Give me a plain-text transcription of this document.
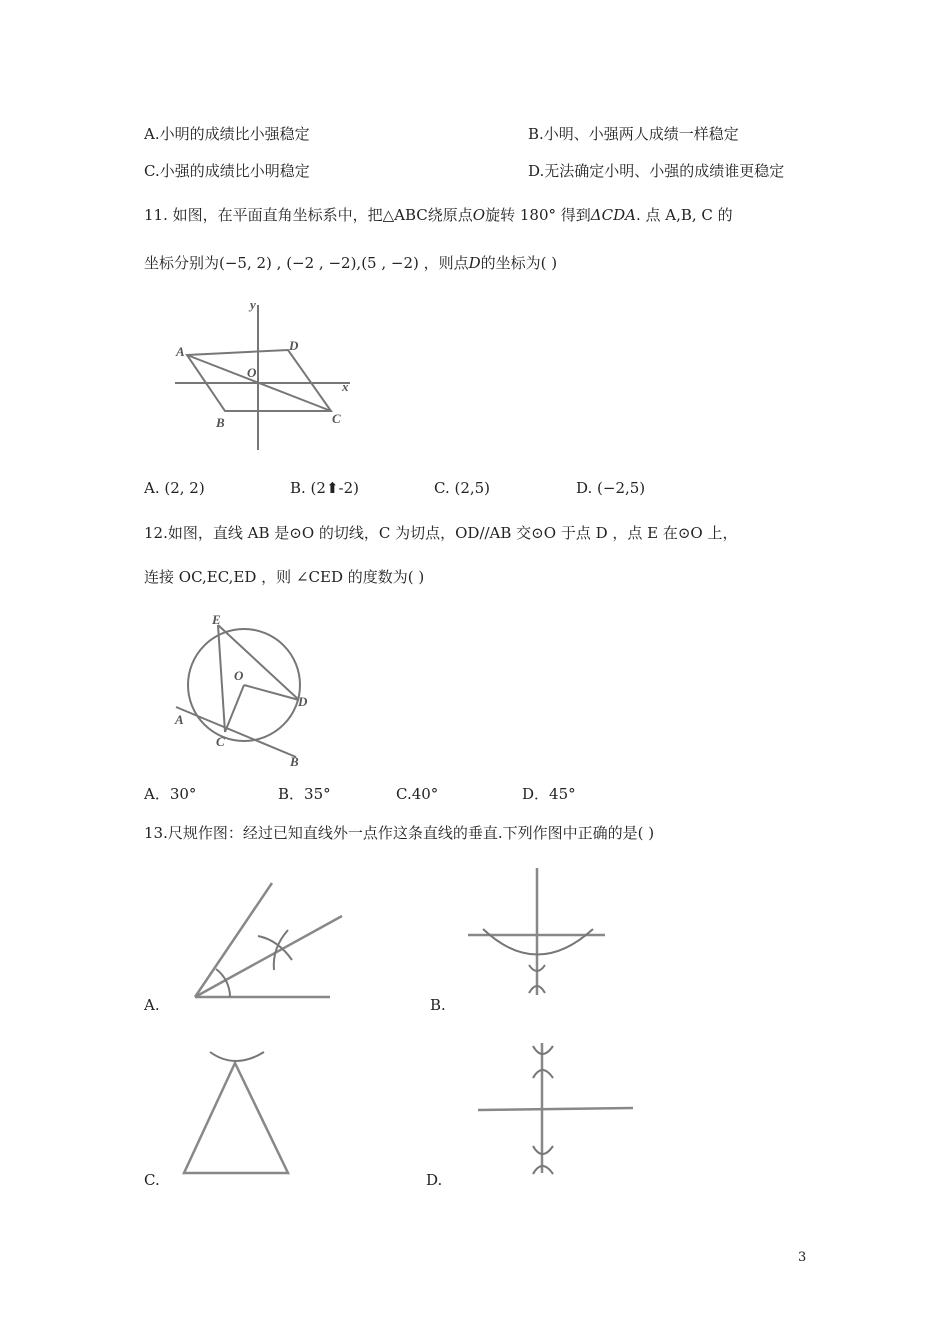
A.小明的成绩比小强稳定	B.小明、小强两人成绩一样稳定
C.小强的成绩比小明稳定	D.无法确定小明、小强的成绩谁更稳定
11. 如图，在平面直角坐标系中，把△ABC绕原点O旋转 180° 得到ΔCDA. 点 A,B, C 的
坐标分别为(−5, 2) , (−2 , −2),(5 , −2) ，则点D的坐标为( )
y
x
A	D
O
C
B
A. (2, 2)	B. (2⬆-2)	C. (2,5)	D. (−2,5)
12.如图，直线 AB 是⊙O 的切线，C 为切点，OD//AB 交⊙O 于点 D ，点 E 在⊙O 上，
连接 OC,EC,ED ，则 ∠CED 的度数为( )
E
O
D
A
C
B
A．30°	B．35°	C.40°	D．45°
13.尺规作图：经过已知直线外一点作这条直线的垂直.下列作图中正确的是( )
A.	B.
C.	D.
3
